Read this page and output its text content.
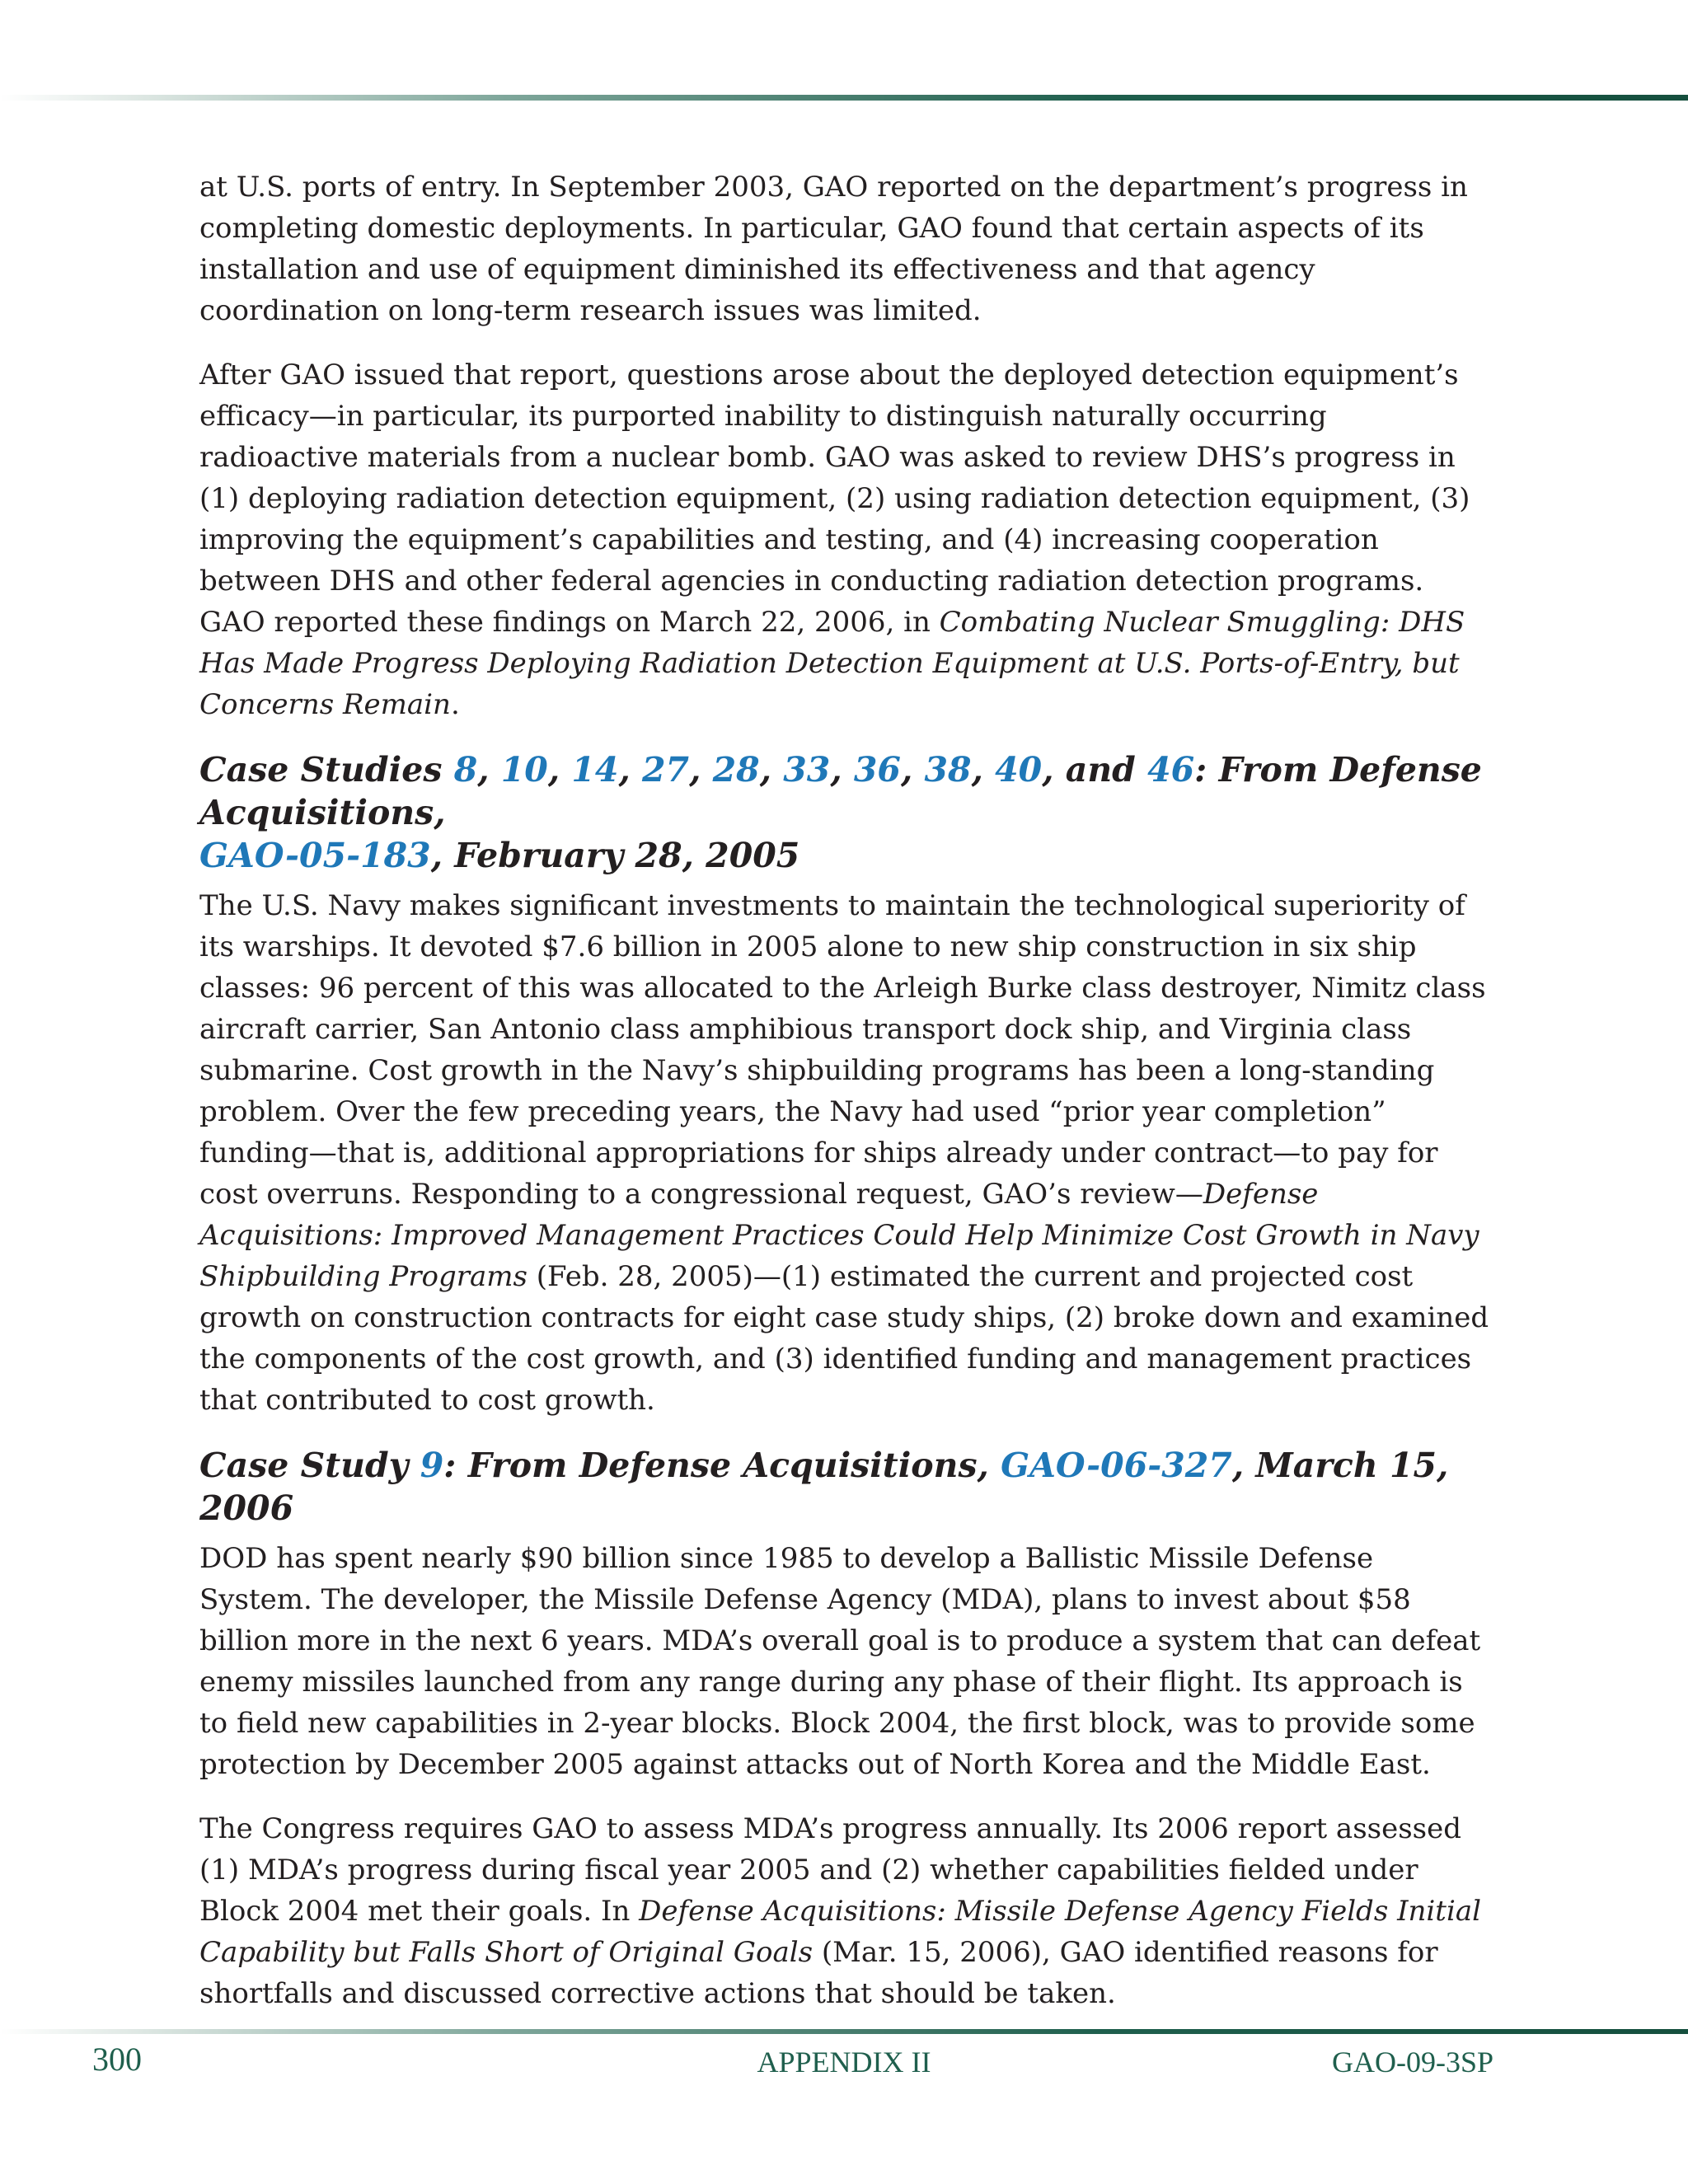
at U.S. ports of entry. In September 2003, GAO reported on the department’s progress in completing domestic deployments. In particular, GAO found that certain aspects of its installation and use of equipment diminished its effectiveness and that agency coordination on long-term research issues was limited.

After GAO issued that report, questions arose about the deployed detection equipment’s efficacy—in particular, its purported inability to distinguish naturally occurring radioactive materials from a nuclear bomb. GAO was asked to review DHS’s progress in (1) deploying radiation detection equipment, (2) using radiation detection equipment, (3) improving the equipment’s capabilities and testing, and (4) increasing cooperation between DHS and other federal agencies in conducting radiation detection programs. GAO reported these findings on March 22, 2006, in Combating Nuclear Smuggling: DHS Has Made Progress Deploying Radiation Detection Equipment at U.S. Ports-of-Entry, but Concerns Remain.

Case Studies 8, 10, 14, 27, 28, 33, 36, 38, 40, and 46: From Defense Acquisitions,
GAO-05-183, February 28, 2005

The U.S. Navy makes significant investments to maintain the technological superiority of its warships. It devoted $7.6 billion in 2005 alone to new ship construction in six ship classes: 96 percent of this was allocated to the Arleigh Burke class destroyer, Nimitz class aircraft carrier, San Antonio class amphibious transport dock ship, and Virginia class submarine. Cost growth in the Navy’s shipbuilding programs has been a long-standing problem. Over the few preceding years, the Navy had used “prior year completion” funding—that is, additional appropriations for ships already under contract—to pay for cost overruns. Responding to a congressional request, GAO’s review—Defense Acquisitions: Improved Management Practices Could Help Minimize Cost Growth in Navy Shipbuilding Programs (Feb. 28, 2005)—(1) estimated the current and projected cost growth on construction contracts for eight case study ships, (2) broke down and examined the components of the cost growth, and (3) identified funding and management practices that contributed to cost growth.

Case Study 9: From Defense Acquisitions, GAO-06-327, March 15, 2006

DOD has spent nearly $90 billion since 1985 to develop a Ballistic Missile Defense System. The developer, the Missile Defense Agency (MDA), plans to invest about $58 billion more in the next 6 years. MDA’s overall goal is to produce a system that can defeat enemy missiles launched from any range during any phase of their flight. Its approach is to field new capabilities in 2-year blocks. Block 2004, the first block, was to provide some protection by December 2005 against attacks out of North Korea and the Middle East.

The Congress requires GAO to assess MDA’s progress annually. Its 2006 report assessed (1) MDA’s progress during fiscal year 2005 and (2) whether capabilities fielded under Block 2004 met their goals. In Defense Acquisitions: Missile Defense Agency Fields Initial Capability but Falls Short of Original Goals (Mar. 15, 2006), GAO identified reasons for shortfalls and discussed corrective actions that should be taken.

300	APPENDIX II	GAO-09-3SP
